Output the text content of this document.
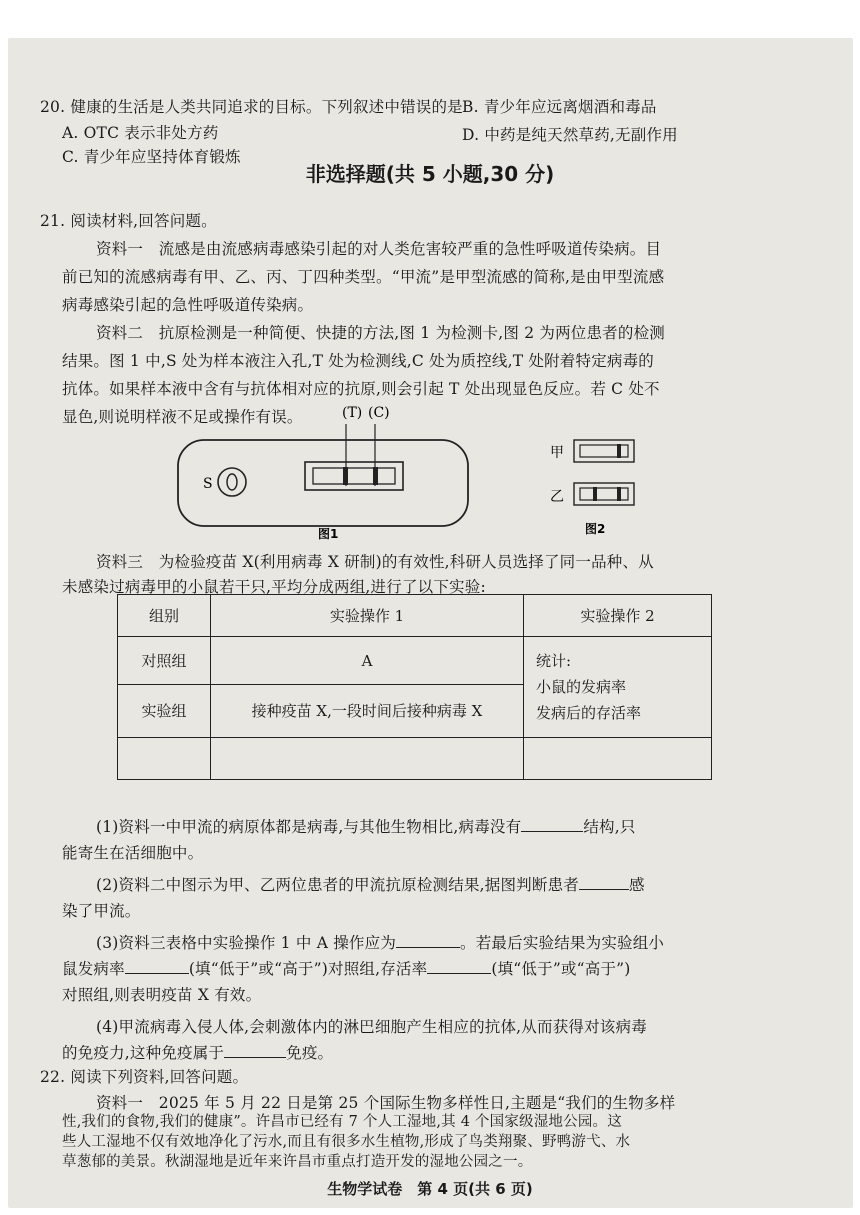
20. 健康的生活是人类共同追求的目标。下列叙述中错误的是
A. OTC 表示非处方药
B. 青少年应远离烟酒和毒品
C. 青少年应坚持体育锻炼
D. 中药是纯天然草药,无副作用
非选择题(共 5 小题,30 分)
21. 阅读材料,回答问题。
资料一　流感是由流感病毒感染引起的对人类危害较严重的急性呼吸道传染病。目
前已知的流感病毒有甲、乙、丙、丁四种类型。“甲流”是甲型流感的简称,是由甲型流感
病毒感染引起的急性呼吸道传染病。
资料二　抗原检测是一种简便、快捷的方法,图 1 为检测卡,图 2 为两位患者的检测
结果。图 1 中,S 处为样本液注入孔,T 处为检测线,C 处为质控线,T 处附着特定病毒的
抗体。如果样本液中含有与抗体相对应的抗原,则会引起 T 处出现显色反应。若 C 处不
显色,则说明样液不足或操作有误。	(T) (C)
S
图1
甲
乙
图2
资料三　为检验疫苗 X(利用病毒 X 研制)的有效性,科研人员选择了同一品种、从
未感染过病毒甲的小鼠若干只,平均分成两组,进行了以下实验:
组别	实验操作 1	实验操作 2
对照组	A	统计:
小鼠的发病率
发病后的存活率

实验组	接种疫苗 X,一段时间后接种病毒 X	

(1)资料一中甲流的病原体都是病毒,与其他生物相比,病毒没有	结构,只
能寄生在活细胞中。
(2)资料二中图示为甲、乙两位患者的甲流抗原检测结果,据图判断患者	感
染了甲流。
(3)资料三表格中实验操作 1 中 A 操作应为	。若最后实验结果为实验组小
鼠发病率	(填“低于”或“高于”)对照组,存活率	(填“低于”或“高于”)
对照组,则表明疫苗 X 有效。
(4)甲流病毒入侵人体,会刺激体内的淋巴细胞产生相应的抗体,从而获得对该病毒
的免疫力,这种免疫属于	免疫。
22. 阅读下列资料,回答问题。
资料一　2025 年 5 月 22 日是第 25 个国际生物多样性日,主题是“我们的生物多样
性,我们的食物,我们的健康”。许昌市已经有 7 个人工湿地,其 4 个国家级湿地公园。这
生物学试卷　第 4 页(共 6 页)
些人工湿地不仅有效地净化了污水,而且有很多水生植物,形成了鸟类翔聚、野鸭游弋、水
草葱郁的美景。秋湖湿地是近年来许昌市重点打造开发的湿地公园之一。
